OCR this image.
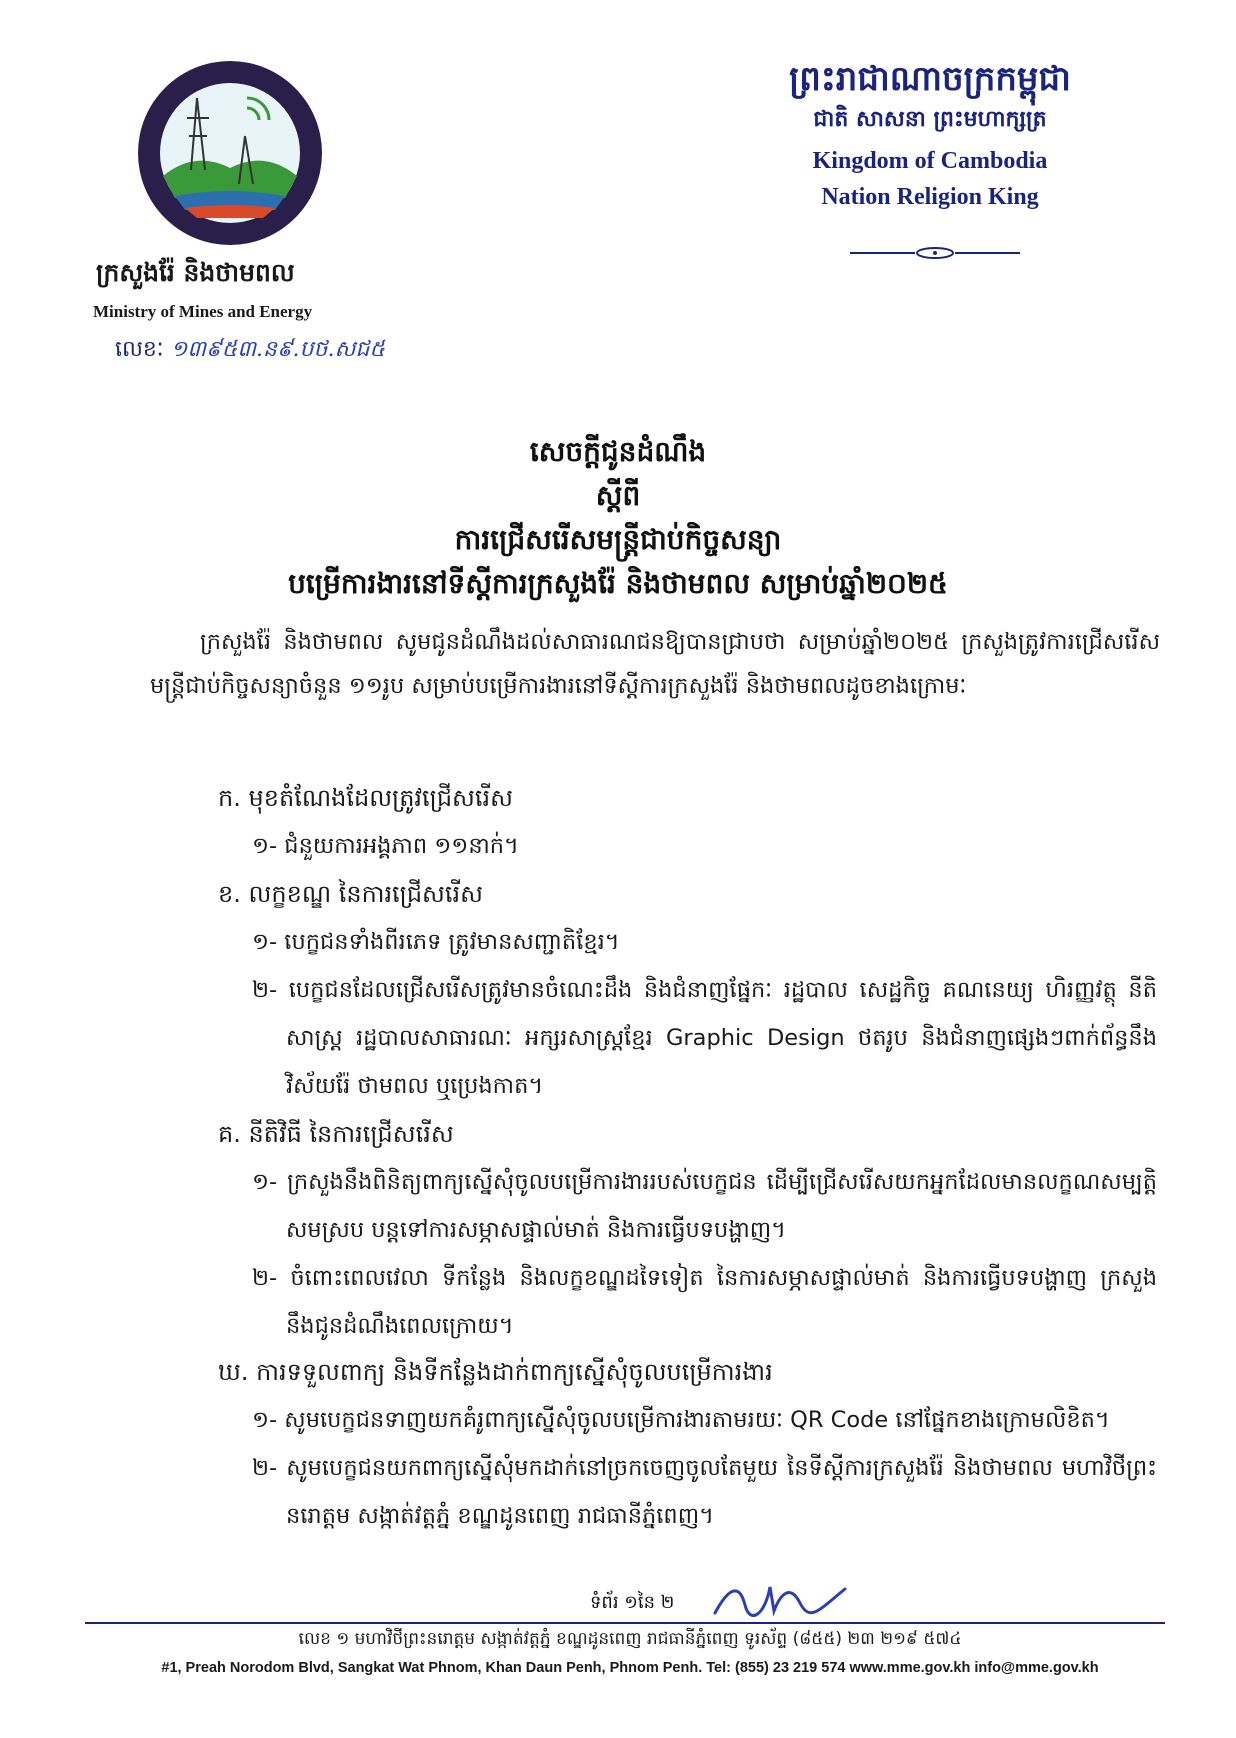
ក្រសួងរ៉ែ និងថាមពល
Ministry of Mines and Energy
លេខៈ ១៣៩៥៣.ន៩.បថ.សជ៥
ព្រះរាជាណាចក្រកម្ពុជា
ជាតិ សាសនា ព្រះមហាក្សត្រ
Kingdom of Cambodia
Nation Religion King
សេចក្តីជូនដំណឹង
ស្តីពី
ការជ្រើសរើសមន្ត្រីជាប់កិច្ចសន្យា
បម្រើការងារនៅទីស្តីការក្រសួងរ៉ែ និងថាមពល សម្រាប់ឆ្នាំ២០២៥
ក្រសួងរ៉ែ និងថាមពល សូមជូនដំណឹងដល់សាធារណជនឱ្យបានជ្រាបថា សម្រាប់ឆ្នាំ២០២៥ ក្រសួងត្រូវការជ្រើសរើសមន្ត្រីជាប់កិច្ចសន្យាចំនួន ១១រូប សម្រាប់បម្រើការងារនៅទីស្តីការក្រសួងរ៉ែ និងថាមពលដូចខាងក្រោមៈ
ក. មុខតំណែងដែលត្រូវជ្រើសរើស
១- ជំនួយការអង្គភាព ១១នាក់។
ខ. លក្ខខណ្ឌ នៃការជ្រើសរើស
១- បេក្ខជនទាំងពីរភេទ ត្រូវមានសញ្ជាតិខ្មែរ។
២- បេក្ខជនដែលជ្រើសរើសត្រូវមានចំណេះដឹង និងជំនាញផ្នែកៈ រដ្ឋបាល សេដ្ឋកិច្ច គណនេយ្យ ហិរញ្ញវត្ថុ នីតិសាស្ត្រ រដ្ឋបាលសាធារណៈ អក្សរសាស្ត្រខ្មែរ Graphic Design ថតរូប និងជំនាញផ្សេងៗពាក់ព័ន្ធនឹងវិស័យរ៉ែ ថាមពល ឬប្រេងកាត។
គ. នីតិវិធី នៃការជ្រើសរើស
១- ក្រសួងនឹងពិនិត្យពាក្យស្នើសុំចូលបម្រើការងាររបស់បេក្ខជន ដើម្បីជ្រើសរើសយកអ្នកដែលមានលក្ខណសម្បត្តិសមស្រប បន្តទៅការសម្ភាសផ្ទាល់មាត់ និងការធ្វើបទបង្ហាញ។
២- ចំពោះពេលវេលា ទីកន្លែង និងលក្ខខណ្ឌដទៃទៀត នៃការសម្ភាសផ្ទាល់មាត់ និងការធ្វើបទបង្ហាញ ក្រសួងនឹងជូនដំណឹងពេលក្រោយ។
ឃ. ការទទួលពាក្យ និងទីកន្លែងដាក់ពាក្យស្នើសុំចូលបម្រើការងារ
១- សូមបេក្ខជនទាញយកគំរូពាក្យស្នើសុំចូលបម្រើការងារតាមរយៈ QR Code នៅផ្នែកខាងក្រោមលិខិត។
២- សូមបេក្ខជនយកពាក្យស្នើសុំមកដាក់នៅច្រកចេញចូលតែមួយ នៃទីស្តីការក្រសួងរ៉ែ និងថាមពល មហាវិថីព្រះនរោត្តម សង្កាត់វត្តភ្នំ ខណ្ឌដូនពេញ រាជធានីភ្នំពេញ។
ទំព័រ ១នៃ ២
លេខ ១ មហាវិថីព្រះនរោត្តម សង្កាត់វត្តភ្នំ ខណ្ឌដូនពេញ រាជធានីភ្នំពេញ ទូរស័ព្ទ (៨៥៥) ២៣ ២១៩ ៥៧៤
#1, Preah Norodom Blvd, Sangkat Wat Phnom, Khan Daun Penh, Phnom Penh. Tel: (855) 23 219 574 www.mme.gov.kh info@mme.gov.kh
